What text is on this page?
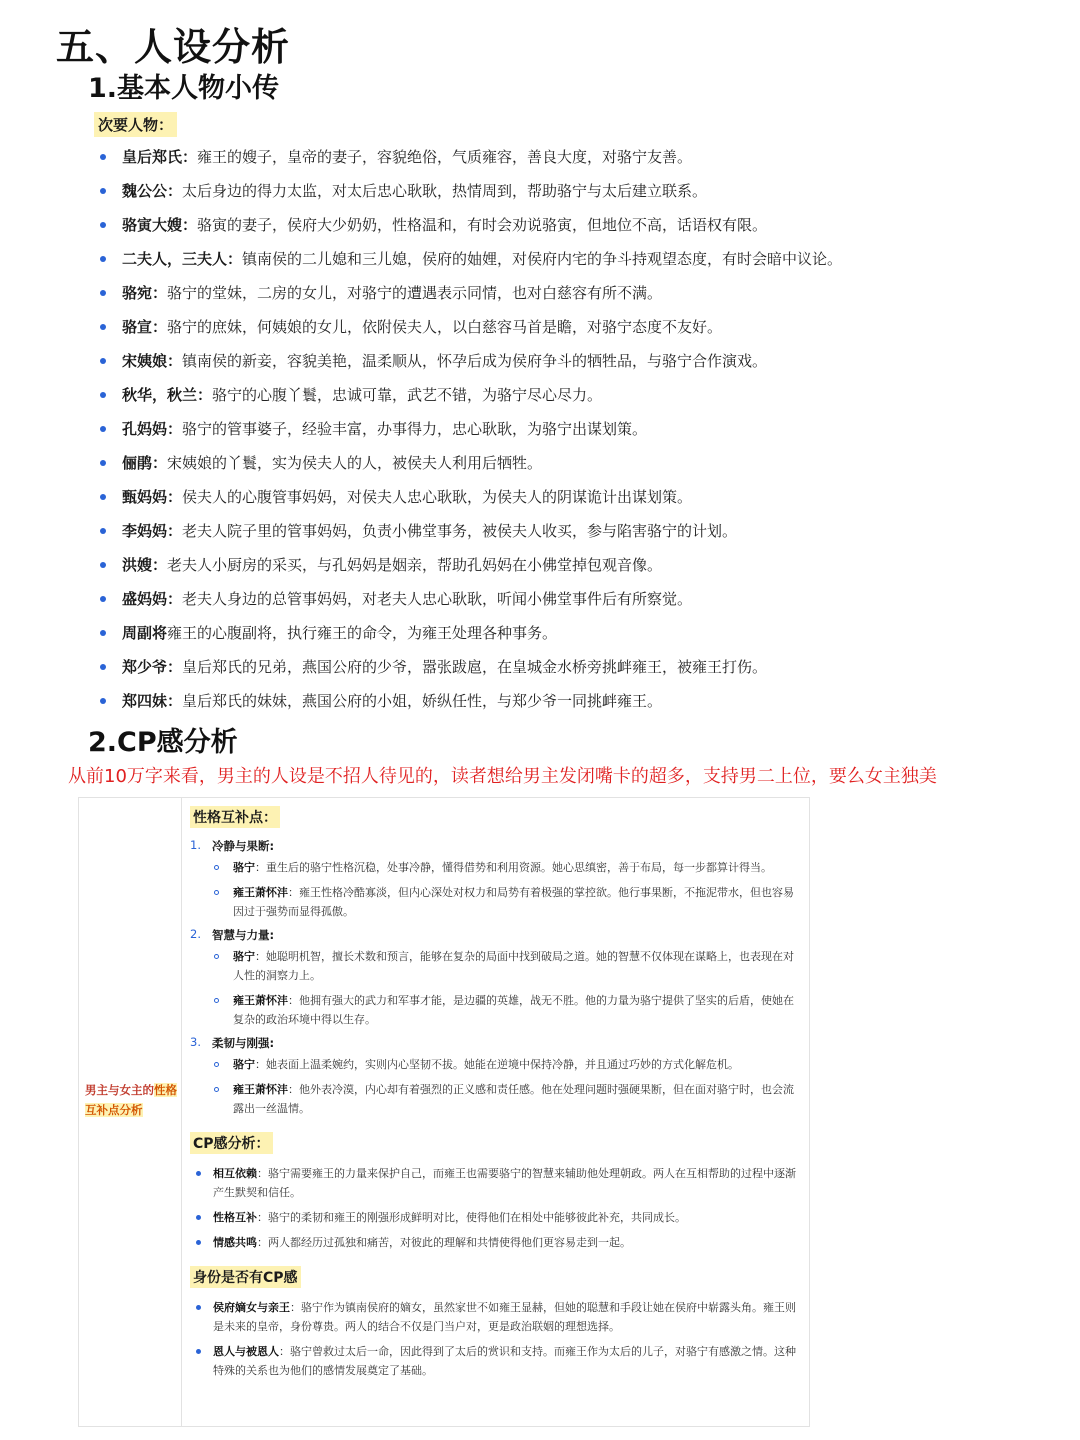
五、人设分析
1.基本人物小传
次要人物：
皇后郑氏： 雍王的嫂子，皇帝的妻子，容貌绝俗，气质雍容，善良大度，对骆宁友善。
魏公公： 太后身边的得力太监，对太后忠心耿耿，热情周到，帮助骆宁与太后建立联系。
骆寅大嫂： 骆寅的妻子，侯府大少奶奶，性格温和，有时会劝说骆寅，但地位不高，话语权有限。
二夫人，三夫人： 镇南侯的二儿媳和三儿媳，侯府的妯娌，对侯府内宅的争斗持观望态度，有时会暗中议论。
骆宛： 骆宁的堂妹，二房的女儿，对骆宁的遭遇表示同情，也对白慈容有所不满。
骆宣： 骆宁的庶妹，何姨娘的女儿，依附侯夫人，以白慈容马首是瞻，对骆宁态度不友好。
宋姨娘： 镇南侯的新妾，容貌美艳，温柔顺从，怀孕后成为侯府争斗的牺牲品，与骆宁合作演戏。
秋华，秋兰： 骆宁的心腹丫鬟，忠诚可靠，武艺不错，为骆宁尽心尽力。
孔妈妈： 骆宁的管事婆子，经验丰富，办事得力，忠心耿耿，为骆宁出谋划策。
俪鹃： 宋姨娘的丫鬟，实为侯夫人的人，被侯夫人利用后牺牲。
甄妈妈： 侯夫人的心腹管事妈妈，对侯夫人忠心耿耿，为侯夫人的阴谋诡计出谋划策。
李妈妈： 老夫人院子里的管事妈妈，负责小佛堂事务，被侯夫人收买，参与陷害骆宁的计划。
洪嫂： 老夫人小厨房的采买，与孔妈妈是姻亲，帮助孔妈妈在小佛堂掉包观音像。
盛妈妈： 老夫人身边的总管事妈妈，对老夫人忠心耿耿，听闻小佛堂事件后有所察觉。
周副将 雍王的心腹副将，执行雍王的命令，为雍王处理各种事务。
郑少爷： 皇后郑氏的兄弟，燕国公府的少爷，嚣张跋扈，在皇城金水桥旁挑衅雍王，被雍王打伤。
郑四妹： 皇后郑氏的妹妹，燕国公府的小姐，娇纵任性，与郑少爷一同挑衅雍王。
2.CP感分析
从前10万字来看，男主的人设是不招人待见的，读者想给男主发闭嘴卡的超多，支持男二上位，要么女主独美
男主与女主的性格互补点分析
性格互补点：
1. 冷静与果断:
骆宁：重生后的骆宁性格沉稳，处事冷静，懂得借势和利用资源。她心思缜密，善于布局，每一步都算计得当。
雍王萧怀沣：雍王性格冷酷寡淡，但内心深处对权力和局势有着极强的掌控欲。他行事果断，不拖泥带水，但也容易因过于强势而显得孤傲。
2. 智慧与力量:
骆宁：她聪明机智，擅长术数和预言，能够在复杂的局面中找到破局之道。她的智慧不仅体现在谋略上，也表现在对人性的洞察力上。
雍王萧怀沣：他拥有强大的武力和军事才能，是边疆的英雄，战无不胜。他的力量为骆宁提供了坚实的后盾，使她在复杂的政治环境中得以生存。
3. 柔韧与刚强:
骆宁：她表面上温柔婉约，实则内心坚韧不拔。她能在逆境中保持冷静，并且通过巧妙的方式化解危机。
雍王萧怀沣：他外表冷漠，内心却有着强烈的正义感和责任感。他在处理问题时强硬果断，但在面对骆宁时，也会流露出一丝温情。
CP感分析：
相互依赖：骆宁需要雍王的力量来保护自己，而雍王也需要骆宁的智慧来辅助他处理朝政。两人在互相帮助的过程中逐渐产生默契和信任。
性格互补：骆宁的柔韧和雍王的刚强形成鲜明对比，使得他们在相处中能够彼此补充，共同成长。
情感共鸣：两人都经历过孤独和痛苦，对彼此的理解和共情使得他们更容易走到一起。
身份是否有CP感
侯府嫡女与亲王：骆宁作为镇南侯府的嫡女，虽然家世不如雍王显赫，但她的聪慧和手段让她在侯府中崭露头角。雍王则是未来的皇帝，身份尊贵。两人的结合不仅是门当户对，更是政治联姻的理想选择。
恩人与被恩人：骆宁曾救过太后一命，因此得到了太后的赏识和支持。而雍王作为太后的儿子，对骆宁有感激之情。这种特殊的关系也为他们的感情发展奠定了基础。
